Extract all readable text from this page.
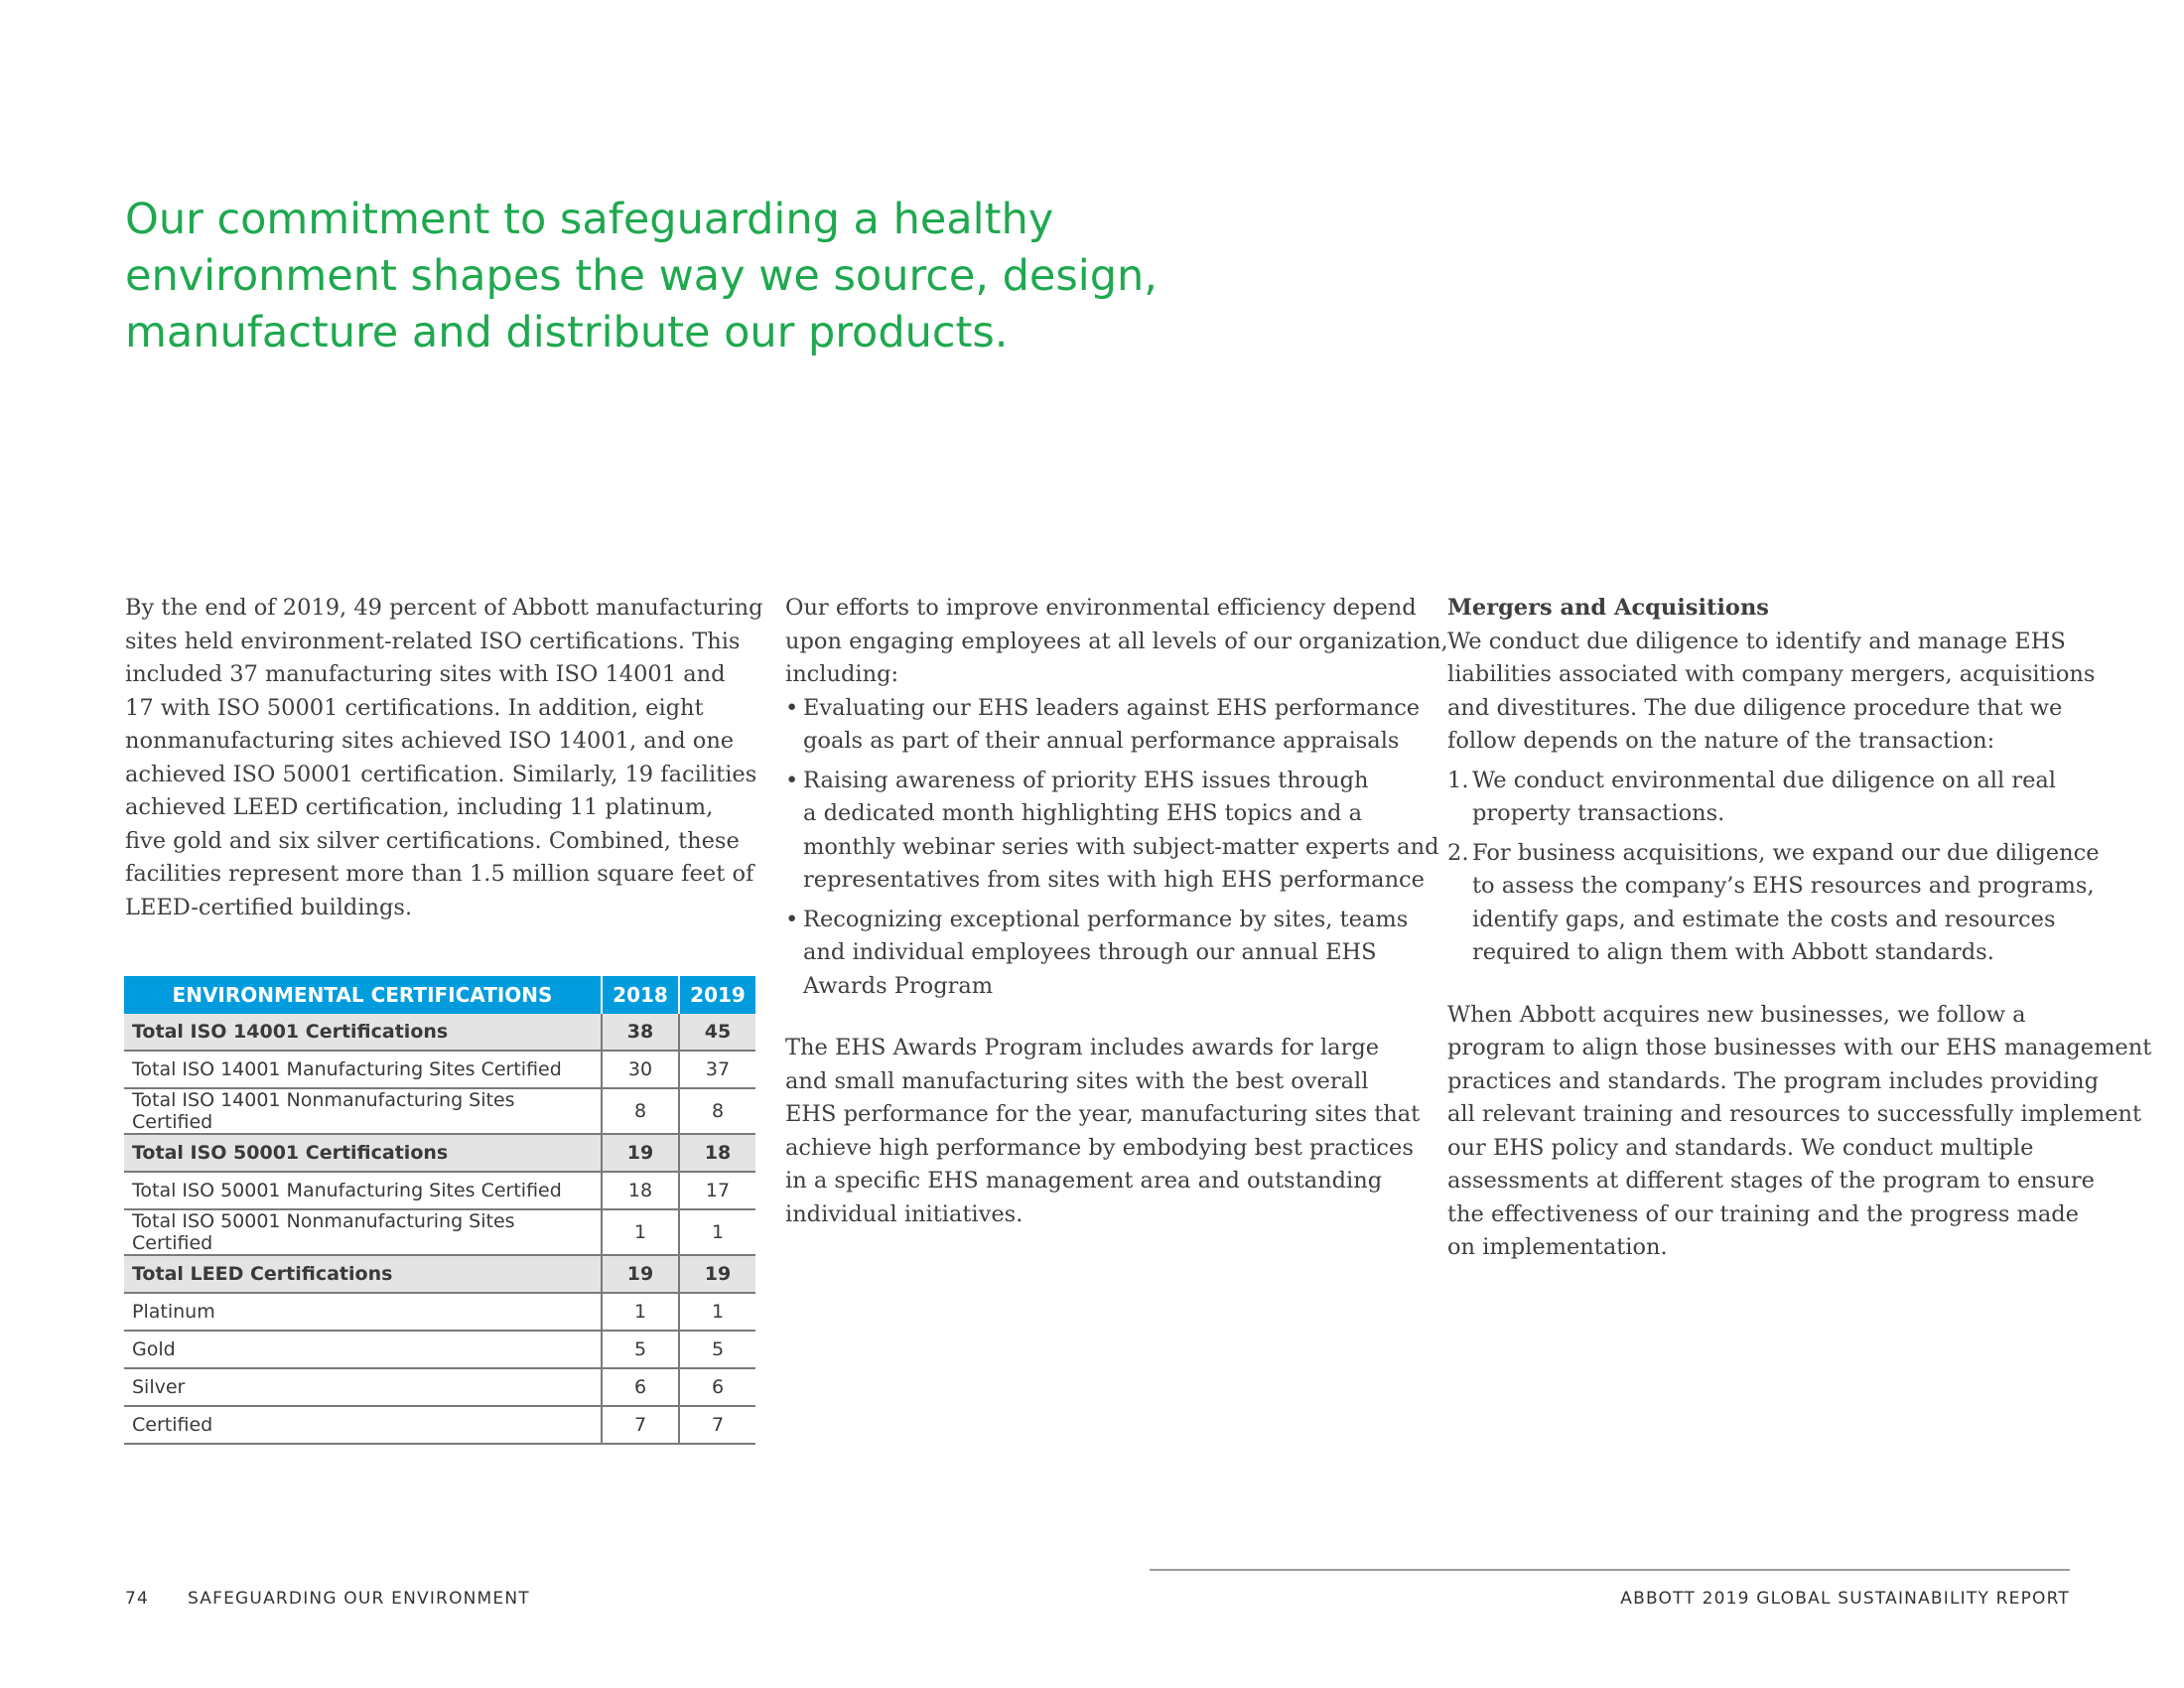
Our commitment to safeguarding a healthy
environment shapes the way we source, design,
manufacture and distribute our products.

By the end of 2019, 49 percent of Abbott manufacturing
sites held environment-related ISO certifications. This
included 37 manufacturing sites with ISO 14001 and
17 with ISO 50001 certifications. In addition, eight
nonmanufacturing sites achieved ISO 14001, and one
achieved ISO 50001 certification. Similarly, 19 facilities
achieved LEED certification, including 11 platinum,
five gold and six silver certifications. Combined, these
facilities represent more than 1.5 million square feet of
LEED-certified buildings.

ENVIRONMENTAL CERTIFICATIONS	2018	2019
Total ISO 14001 Certifications	38	45
Total ISO 14001 Manufacturing Sites Certified	30	37
Total ISO 14001 Nonmanufacturing Sites Certified	8	8
Total ISO 50001 Certifications	19	18
Total ISO 50001 Manufacturing Sites Certified	18	17
Total ISO 50001 Nonmanufacturing Sites Certified	1	1
Total LEED Certifications	19	19
Platinum	1	1
Gold	5	5
Silver	6	6
Certified	7	7

Our efforts to improve environmental efficiency depend
upon engaging employees at all levels of our organization,
including:

• Evaluating our EHS leaders against EHS performance
goals as part of their annual performance appraisals
• Raising awareness of priority EHS issues through
a dedicated month highlighting EHS topics and a
monthly webinar series with subject-matter experts and
representatives from sites with high EHS performance
• Recognizing exceptional performance by sites, teams
and individual employees through our annual EHS
Awards Program

The EHS Awards Program includes awards for large
and small manufacturing sites with the best overall
EHS performance for the year, manufacturing sites that
achieve high performance by embodying best practices
in a specific EHS management area and outstanding
individual initiatives.

Mergers and Acquisitions
We conduct due diligence to identify and manage EHS
liabilities associated with company mergers, acquisitions
and divestitures. The due diligence procedure that we
follow depends on the nature of the transaction:

1. We conduct environmental due diligence on all real
property transactions.
2. For business acquisitions, we expand our due diligence
to assess the company’s EHS resources and programs,
identify gaps, and estimate the costs and resources
required to align them with Abbott standards.

When Abbott acquires new businesses, we follow a
program to align those businesses with our EHS management
practices and standards. The program includes providing
all relevant training and resources to successfully implement
our EHS policy and standards. We conduct multiple
assessments at different stages of the program to ensure
the effectiveness of our training and the progress made
on implementation.

74 SAFEGUARDING OUR ENVIRONMENT	ABBOTT 2019 GLOBAL SUSTAINABILITY REPORT
